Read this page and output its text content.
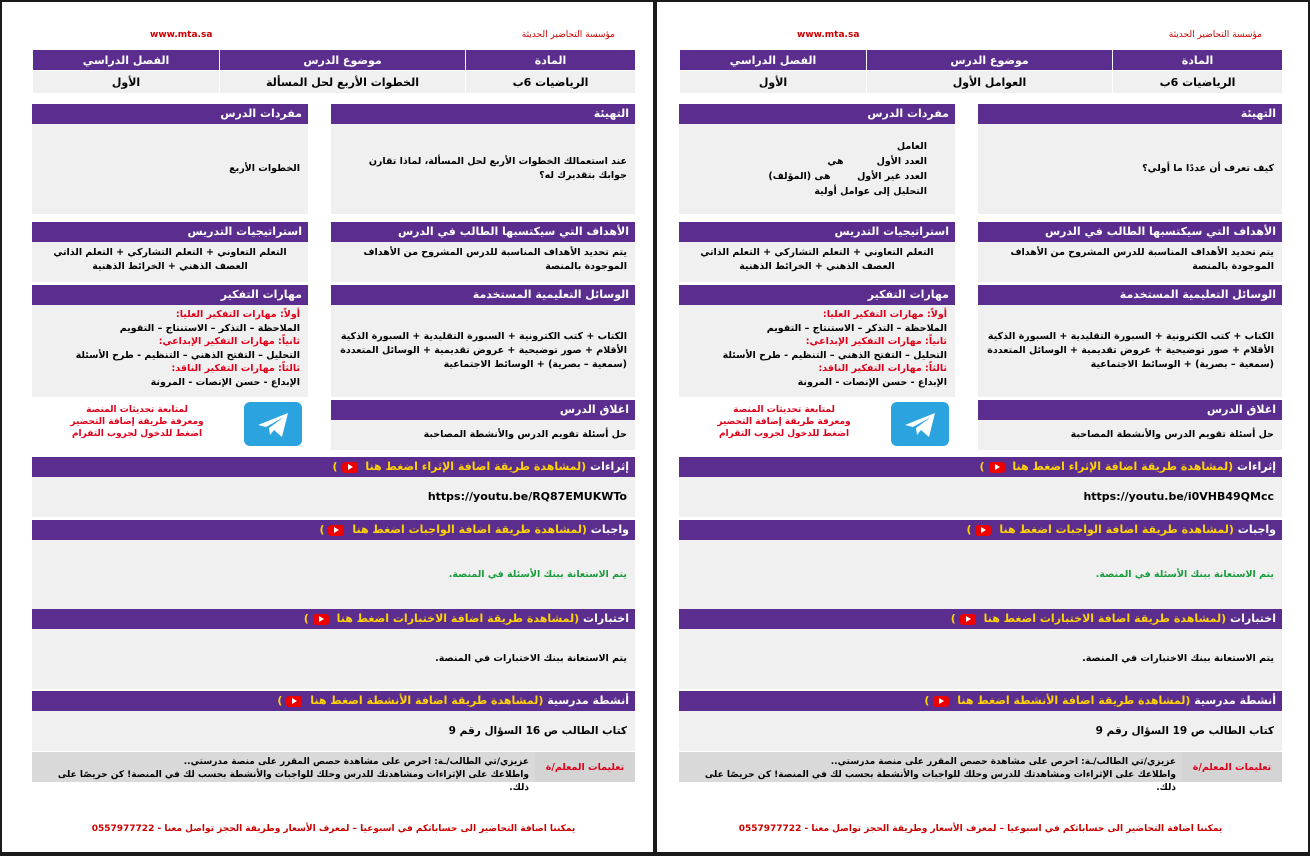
www.mta.sa	مؤسسة التحاضير الحديثة
المادة	موضوع الدرس	الفصل الدراسي
الرياضيات 6ب	الخطوات الأربع لحل المسألة	الأول
التهيئة
عند استعمالك الخطوات الأربع لحل المسألة، لماذا تقارن جوابك بتقديرك له؟
مفردات الدرس
الخطوات الأربع
الأهداف التي سيكتسبها الطالب في الدرس
يتم تحديد الأهداف المناسبة للدرس المشروح من الأهداف الموجودة بالمنصة
استراتيجيات التدريس
التعلم التعاوني + التعلم التشاركي + التعلم الذاتي العصف الذهني + الخرائط الذهنية
الوسائل التعليمية المستخدمة
الكتاب + كتب الكترونية + السبورة التقليدية + السبورة الذكية الأقلام + صور توضيحية + عروض تقديمية + الوسائل المتعددة (سمعية – بصرية) + الوسائط الاجتماعية
مهارات التفكير
أولاً: مهارات التفكير العليا:
الملاحظة – التذكر – الاستنتاج – التقويم
ثانياً: مهارات التفكير الإبداعي:
التحليل – التفتح الذهني – التنظيم - طرح الأسئلة
ثالثاً: مهارات التفكير الناقد:
الإبداع - حسن الإنصات - المرونة
اغلاق الدرس
حل أسئلة تقويم الدرس والأنشطة المصاحبة
لمتابعة تحديثات المنصة
ومعرفة طريقة إضافة التحضير
اضغط للدخول لجروب التقرام
إثراءات (لمشاهدة طريقة اضافة الإثراء اضغط هنا )
https://youtu.be/RQ87EMUKWTo
واجبات (لمشاهدة طريقة اضافة الواجبات اضغط هنا )
يتم الاستعانة ببنك الأسئلة في المنصة.
اختبارات (لمشاهدة طريقة اضافة الاختبارات اضغط هنا )
يتم الاستعانة ببنك الاختبارات في المنصة.
أنشطة مدرسية (لمشاهدة طريقة اضافة الأنشطة اضغط هنا )
كتاب الطالب ص 16 السؤال رقم 9
تعليمات المعلم/ة
عزيزي/تي الطالب/ـة: احرص على مشاهدة حصص المقرر على منصة مدرستي..
واطلاعك على الإثراءات ومشاهدتك للدرس وحلك للواجبات والأنشطة بحسب لك في المنصة! كن حريصًا على ذلك.
يمكننا اضافة التحاضير الى حساباتكم في اسبوعيا – لمعرف الأسعار وطريقة الحجز تواصل معنا - 0557977722
www.mta.sa	مؤسسة التحاضير الحديثة
المادة	موضوع الدرس	الفصل الدراسي
الرياضيات 6ب	العوامل الأول	الأول
التهيئة
كيف تعرف أن عددًا ما أولي؟
مفردات الدرس
العامل
العدد الأول          هي
العدد غير الأول        هى (المؤلف)
التحليل إلى عوامل أولية
الأهداف التي سيكتسبها الطالب في الدرس
يتم تحديد الأهداف المناسبة للدرس المشروح من الأهداف الموجودة بالمنصة
استراتيجيات التدريس
التعلم التعاوني + التعلم التشاركي + التعلم الذاتي العصف الذهني + الخرائط الذهنية
الوسائل التعليمية المستخدمة
الكتاب + كتب الكترونية + السبورة التقليدية + السبورة الذكية الأقلام + صور توضيحية + عروض تقديمية + الوسائل المتعددة (سمعية – بصرية) + الوسائط الاجتماعية
مهارات التفكير
أولاً: مهارات التفكير العليا:
الملاحظة – التذكر – الاستنتاج – التقويم
ثانياً: مهارات التفكير الإبداعي:
التحليل – التفتح الذهني – التنظيم - طرح الأسئلة
ثالثاً: مهارات التفكير الناقد:
الإبداع - حسن الإنصات - المرونة
اغلاق الدرس
حل أسئلة تقويم الدرس والأنشطة المصاحبة
لمتابعة تحديثات المنصة
ومعرفة طريقة إضافة التحضير
اضغط للدخول لجروب التقرام
إثراءات (لمشاهدة طريقة اضافة الإثراء اضغط هنا )
https://youtu.be/i0VHB49QMcc
واجبات (لمشاهدة طريقة اضافة الواجبات اضغط هنا )
يتم الاستعانة ببنك الأسئلة في المنصة.
اختبارات (لمشاهدة طريقة اضافة الاختبارات اضغط هنا )
يتم الاستعانة ببنك الاختبارات في المنصة.
أنشطة مدرسية (لمشاهدة طريقة اضافة الأنشطة اضغط هنا )
كتاب الطالب ص 19 السؤال رقم 9
تعليمات المعلم/ة
عزيزي/تي الطالب/ـة: احرص على مشاهدة حصص المقرر على منصة مدرستي..
واطلاعك على الإثراءات ومشاهدتك للدرس وحلك للواجبات والأنشطة بحسب لك في المنصة! كن حريصًا على ذلك.
يمكننا اضافة التحاضير الى حساباتكم في اسبوعيا – لمعرف الأسعار وطريقة الحجز تواصل معنا - 0557977722
